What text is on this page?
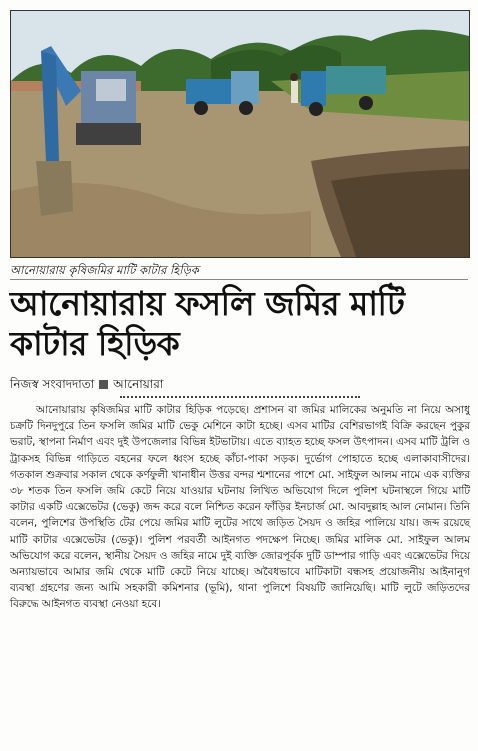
আনোয়ারায় কৃষিজমির মাটি কাটার হিড়িক
আনোয়ারায় ফসলি জমির মাটি কাটার হিড়িক
নিজস্ব সংবাদদাতা আনোয়ারা

আনোয়ারায় কৃষিজমির মাটি কাটার হিড়িক পড়েছে। প্রশাসন বা জমির মালিকের অনুমতি না নিয়ে অসাধু চক্রটি দিনদুপুরে তিন ফসলি জমির মাটি ভেকু মেশিনে কাটা হচ্ছে। এসব মাটির বেশিরভাগই বিক্রি করছেন পুকুর ভরাট, স্থাপনা নির্মাণ এবং দুই উপজেলার বিভিন্ন ইটভাটায়। এতে ব্যাহত হচ্ছে ফসল উৎপাদন। এসব মাটি ট্রলি ও ট্রাকসহ বিভিন্ন গাড়িতে বহনের ফলে ধ্বংস হচ্ছে কাঁচা-পাকা সড়ক। দুর্ভোগ পোহাতে হচ্ছে এলাকাবাসীদের। গতকাল শুক্রবার সকাল থেকে কর্ণফুলী খানাধীন উত্তর বন্দর শ্মশানের পাশে মো. সাইফুল আলম নামে এক ব্যক্তির ৩৮ শতক তিন ফসলি জমি কেটে নিয়ে যাওয়ার ঘটনায় লিখিত অভিযোগ দিলে পুলিশ ঘটনাস্থলে গিয়ে মাটি কাটার একটি এক্সেভেটর (ভেকু) জব্দ করে বলে নিশ্চিত করেন ফাঁড়ির ইনচার্জ মো. আবদুল্লাহ আল নোমান। তিনি বলেন, পুলিশের উপস্থিতি টের পেয়ে জমির মাটি লুটের সাথে জড়িত সৈয়দ ও জহির পালিয়ে যায়। জব্দ রয়েছে মাটি কাটার এক্সেভেটর (ভেকু)। পুলিশ পরবর্তী আইনগত পদক্ষেপ নিচ্ছে। জমির মালিক মো. সাইফুল আলম অভিযোগ করে বলেন, স্থানীয় সৈয়দ ও জহির নামে দুই ব্যক্তি জোরপূর্বক দুটি ডাম্পার গাড়ি এবং এক্সেভেটর দিয়ে অন্যায়ভাবে আমার জমি থেকে মাটি কেটে নিয়ে যাচ্ছে। অবৈধভাবে মাটিকাটা বন্ধসহ প্রয়োজনীয় আইনানুগ ব্যবস্থা গ্রহণের জন্য আমি সহকারী কমিশনার (ভূমি), থানা পুলিশে বিষয়টি জানিয়েছি। মাটি লুটে জড়িতদের বিরুদ্ধে আইনগত ব্যবস্থা নেওয়া হবে।
